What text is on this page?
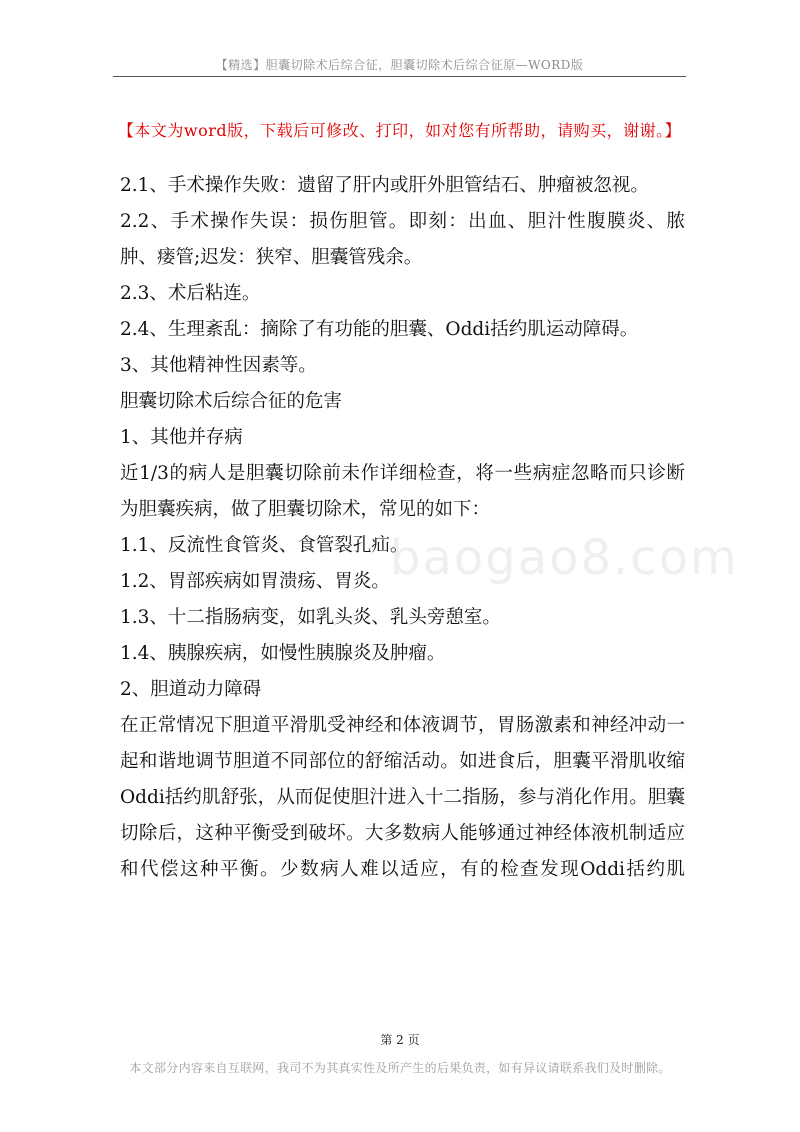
【精选】胆囊切除术后综合征，胆囊切除术后综合征原—WORD版
【本文为word版，下载后可修改、打印，如对您有所帮助，请购买，谢谢。】
baogao8.com

2.1、手术操作失败：遗留了肝内或肝外胆管结石、肿瘤被忽视。

2.2、手术操作失误：损伤胆管。即刻：出血、胆汁性腹膜炎、脓肿、瘘管;迟发：狭窄、胆囊管残余。

2.3、术后粘连。

2.4、生理紊乱：摘除了有功能的胆囊、Oddi括约肌运动障碍。

3、其他精神性因素等。

胆囊切除术后综合征的危害

1、其他并存病

近1/3的病人是胆囊切除前未作详细检查，将一些病症忽略而只诊断为胆囊疾病，做了胆囊切除术，常见的如下：

1.1、反流性食管炎、食管裂孔疝。

1.2、胃部疾病如胃溃疡、胃炎。

1.3、十二指肠病变，如乳头炎、乳头旁憩室。

1.4、胰腺疾病，如慢性胰腺炎及肿瘤。

2、胆道动力障碍

在正常情况下胆道平滑肌受神经和体液调节，胃肠激素和神经冲动一起和谐地调节胆道不同部位的舒缩活动。如进食后，胆囊平滑肌收缩Oddi括约肌舒张，从而促使胆汁进入十二指肠，参与消化作用。胆囊切除后，这种平衡受到破坏。大多数病人能够通过神经体液机制适应和代偿这种平衡。少数病人难以适应，有的检查发现Oddi括约肌

第 2 页
本文部分内容来自互联网，我司不为其真实性及所产生的后果负责，如有异议请联系我们及时删除。
